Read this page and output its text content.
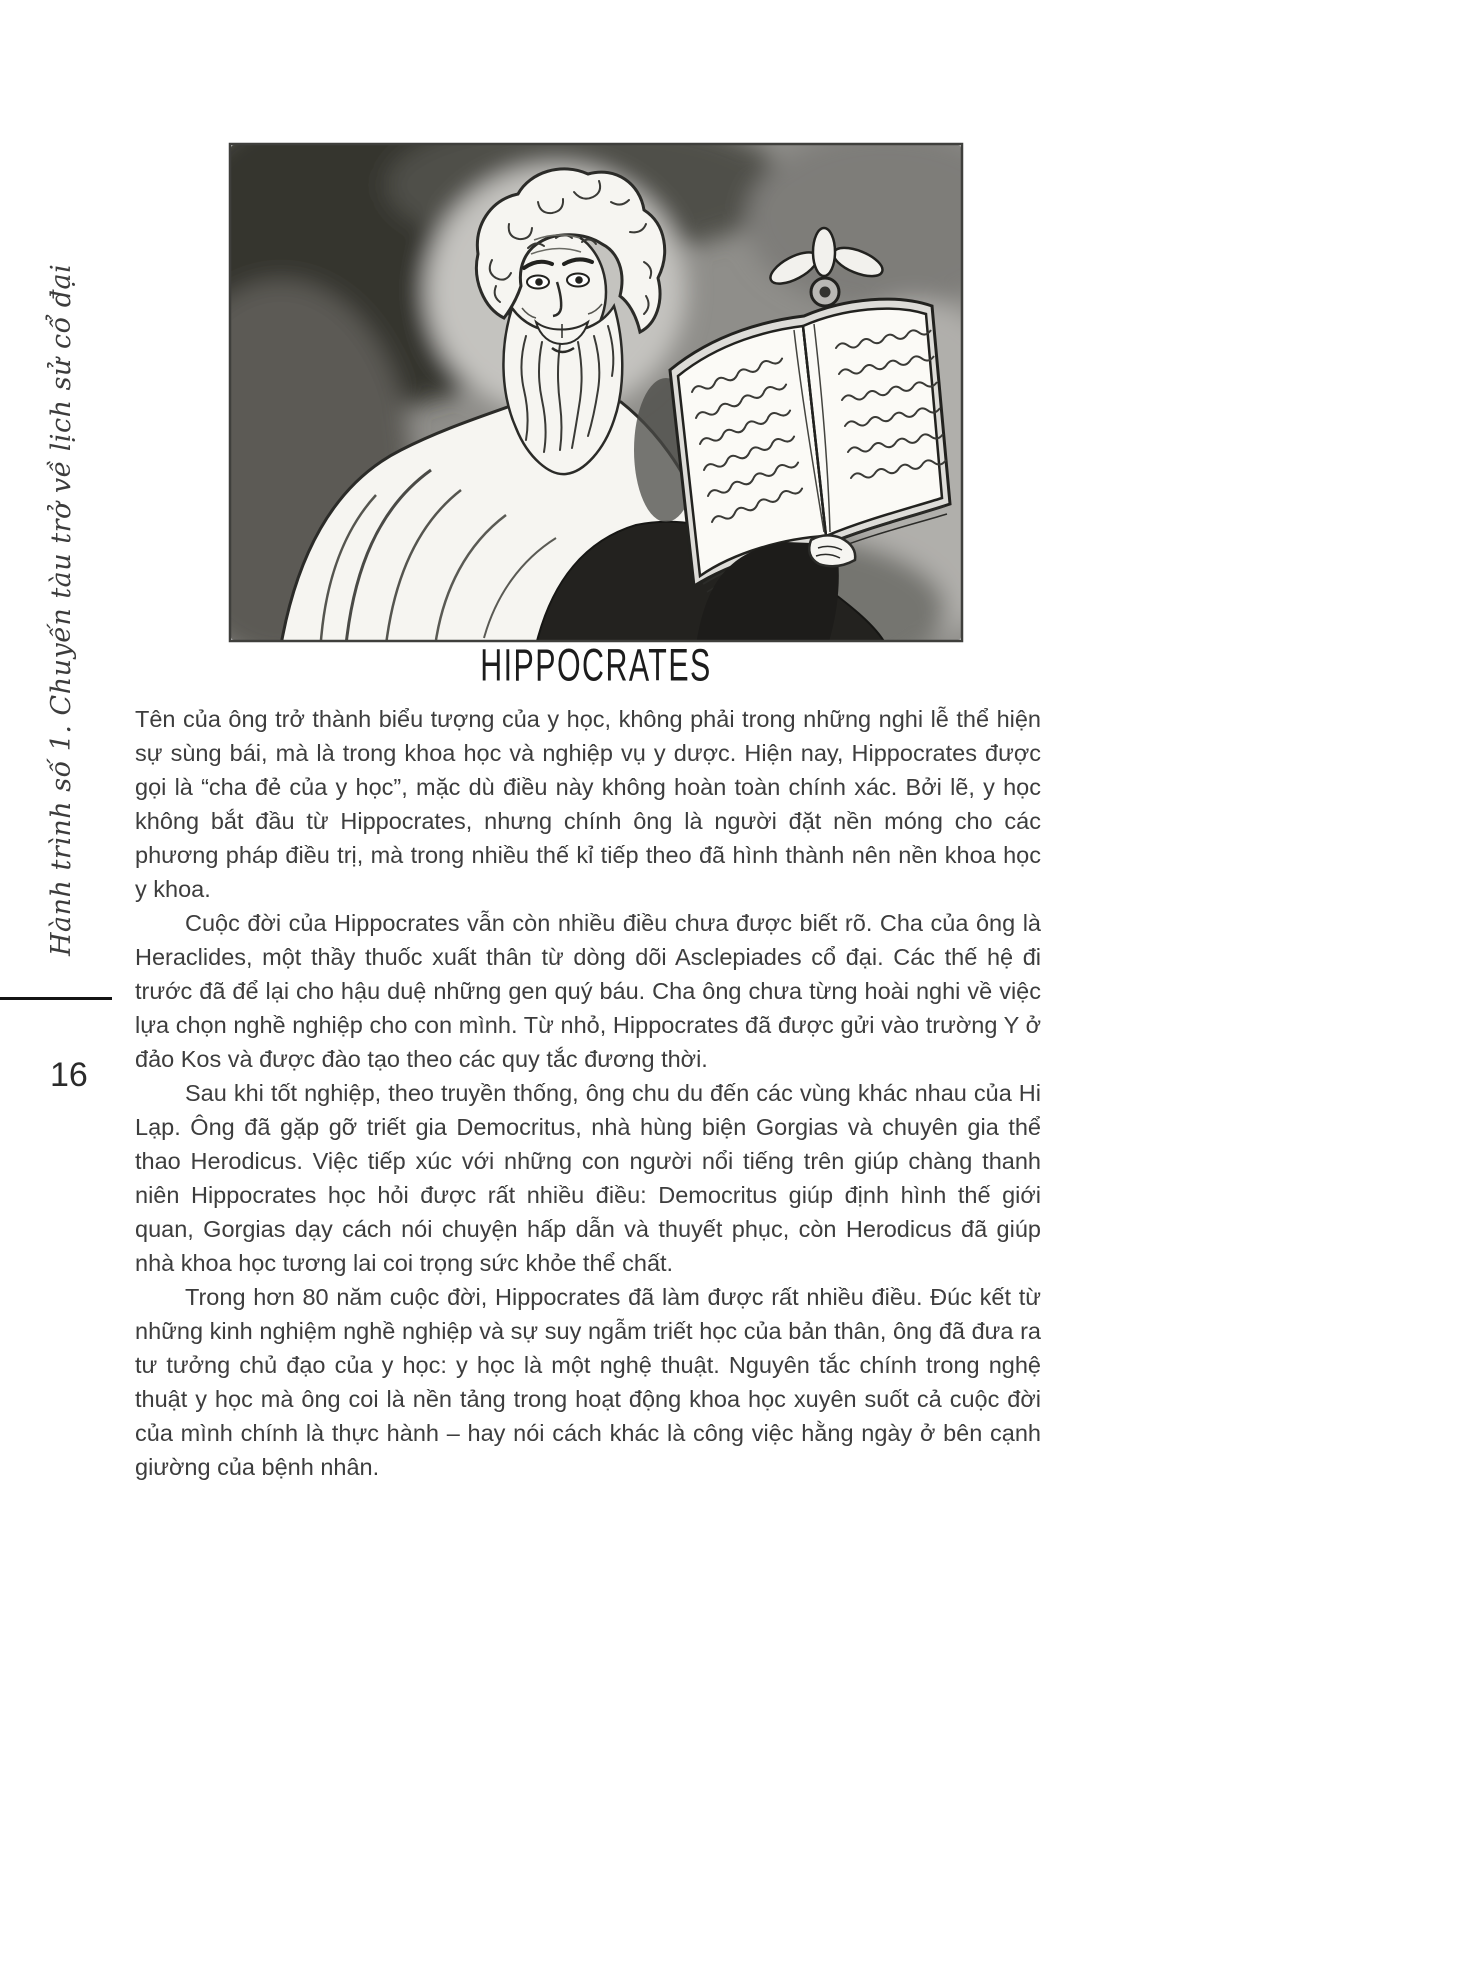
Hành trình số 1. Chuyến tàu trở về lịch sử cổ đại
16
HIPPOCRATES

Tên của ông trở thành biểu tượng của y học, không phải trong những nghi lễ thể hiện sự sùng bái, mà là trong khoa học và nghiệp vụ y dược. Hiện nay, Hippocrates được gọi là “cha đẻ của y học”, mặc dù điều này không hoàn toàn chính xác. Bởi lẽ, y học không bắt đầu từ Hippocrates, nhưng chính ông là người đặt nền móng cho các phương pháp điều trị, mà trong nhiều thế kỉ tiếp theo đã hình thành nên nền khoa học y khoa.

Cuộc đời của Hippocrates vẫn còn nhiều điều chưa được biết rõ. Cha của ông là Heraclides, một thầy thuốc xuất thân từ dòng dõi Asclepiades cổ đại. Các thế hệ đi trước đã để lại cho hậu duệ những gen quý báu. Cha ông chưa từng hoài nghi về việc lựa chọn nghề nghiệp cho con mình. Từ nhỏ, Hippocrates đã được gửi vào trường Y ở đảo Kos và được đào tạo theo các quy tắc đương thời.

Sau khi tốt nghiệp, theo truyền thống, ông chu du đến các vùng khác nhau của Hi Lạp. Ông đã gặp gỡ triết gia Democritus, nhà hùng biện Gorgias và chuyên gia thể thao Herodicus. Việc tiếp xúc với những con người nổi tiếng trên giúp chàng thanh niên Hippocrates học hỏi được rất nhiều điều: Democritus giúp định hình thế giới quan, Gorgias dạy cách nói chuyện hấp dẫn và thuyết phục, còn Herodicus đã giúp nhà khoa học tương lai coi trọng sức khỏe thể chất.

Trong hơn 80 năm cuộc đời, Hippocrates đã làm được rất nhiều điều. Đúc kết từ những kinh nghiệm nghề nghiệp và sự suy ngẫm triết học của bản thân, ông đã đưa ra tư tưởng chủ đạo của y học: y học là một nghệ thuật. Nguyên tắc chính trong nghệ thuật y học mà ông coi là nền tảng trong hoạt động khoa học xuyên suốt cả cuộc đời của mình chính là thực hành – hay nói cách khác là công việc hằng ngày ở bên cạnh giường của bệnh nhân.
